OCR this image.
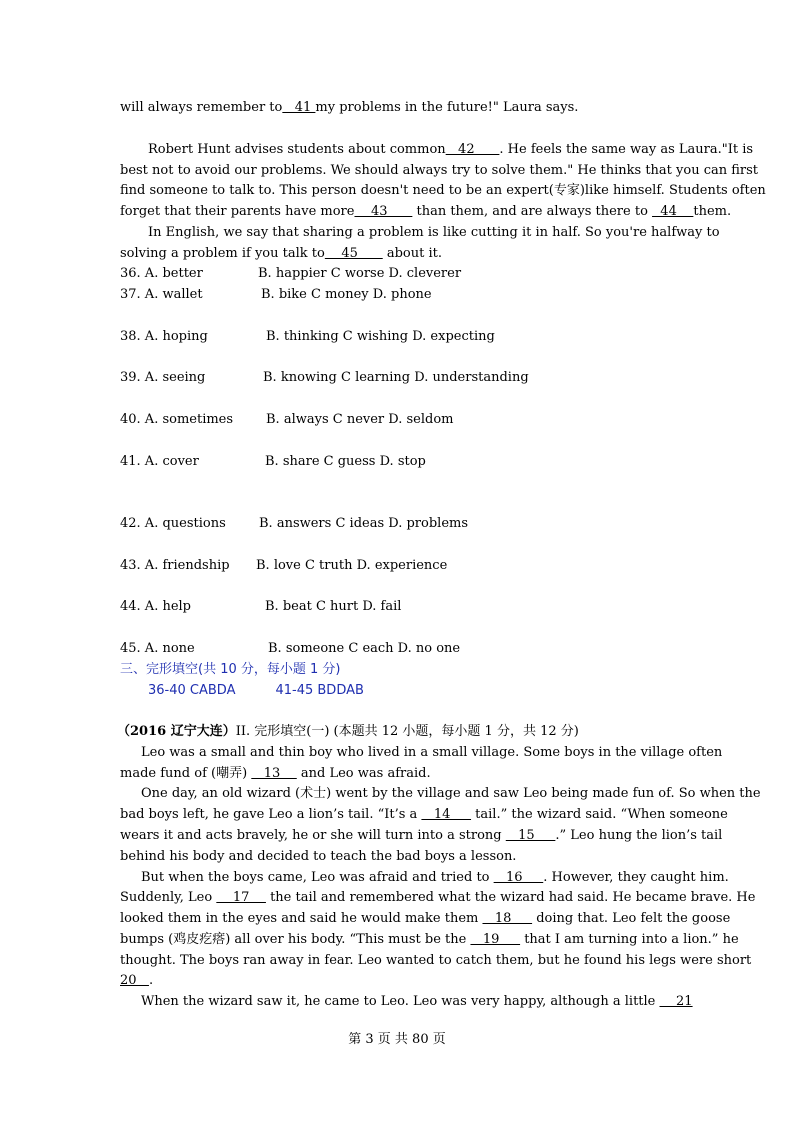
will always remember to   41 my problems in the future!" Laura says.
Robert Hunt advises students about common   42      . He feels the same way as Laura."It is
best not to avoid our problems. We should always try to solve them." He thinks that you can first
find someone to talk to. This person doesn't need to be an expert(专家)like himself. Students often
forget that their parents have more    43       than them, and are always there to   44    them.
In English, we say that sharing a problem is like cutting it in half. So you're halfway to
solving a problem if you talk to    45       about it.
36. A. better	B. happier C worse D. cleverer
37. A. wallet	B. bike C money D. phone
38. A. hoping	B. thinking C wishing D. expecting
39. A. seeing	B. knowing C learning D. understanding
40. A. sometimes	B. always C never D. seldom
41. A. cover	B. share C guess D. stop
42. A. questions	B. answers C ideas D. problems
43. A. friendship B. love C truth D. experience
44. A. help	B. beat C hurt D. fail
45. A. none	B. someone C each D. no one
三、完形填空(共 10 分，每小题 1 分)
36-40 CABDA	41-45 BDDAB
（2016 辽宁大连）II. 完形填空(一) (本题共 12 小题，每小题 1 分，共 12 分)
Leo was a small and thin boy who lived in a small village. Some boys in the village often
made fund of (嘲弄)    13     and Leo was afraid.
One day, an old wizard (术士) went by the village and saw Leo being made fun of. So when the
bad boys left, he gave Leo a lion’s tail. “It’s a    14      tail.” the wizard said. “When someone
wears it and acts bravely, he or she will turn into a strong    15     .” Leo hung the lion’s tail
behind his body and decided to teach the bad boys a lesson.
But when the boys came, Leo was afraid and tried to    16     . However, they caught him.
Suddenly, Leo     17     the tail and remembered what the wizard had said. He became brave. He
looked them in the eyes and said he would make them    18      doing that. Leo felt the goose
bumps (鸡皮疙瘩) all over his body. “This must be the    19      that I am turning into a lion.” he
thought. The boys ran away in fear. Leo wanted to catch them, but he found his legs were short
20   .
When the wizard saw it, he came to Leo. Leo was very happy, although a little     21
第 3 页 共 80 页
